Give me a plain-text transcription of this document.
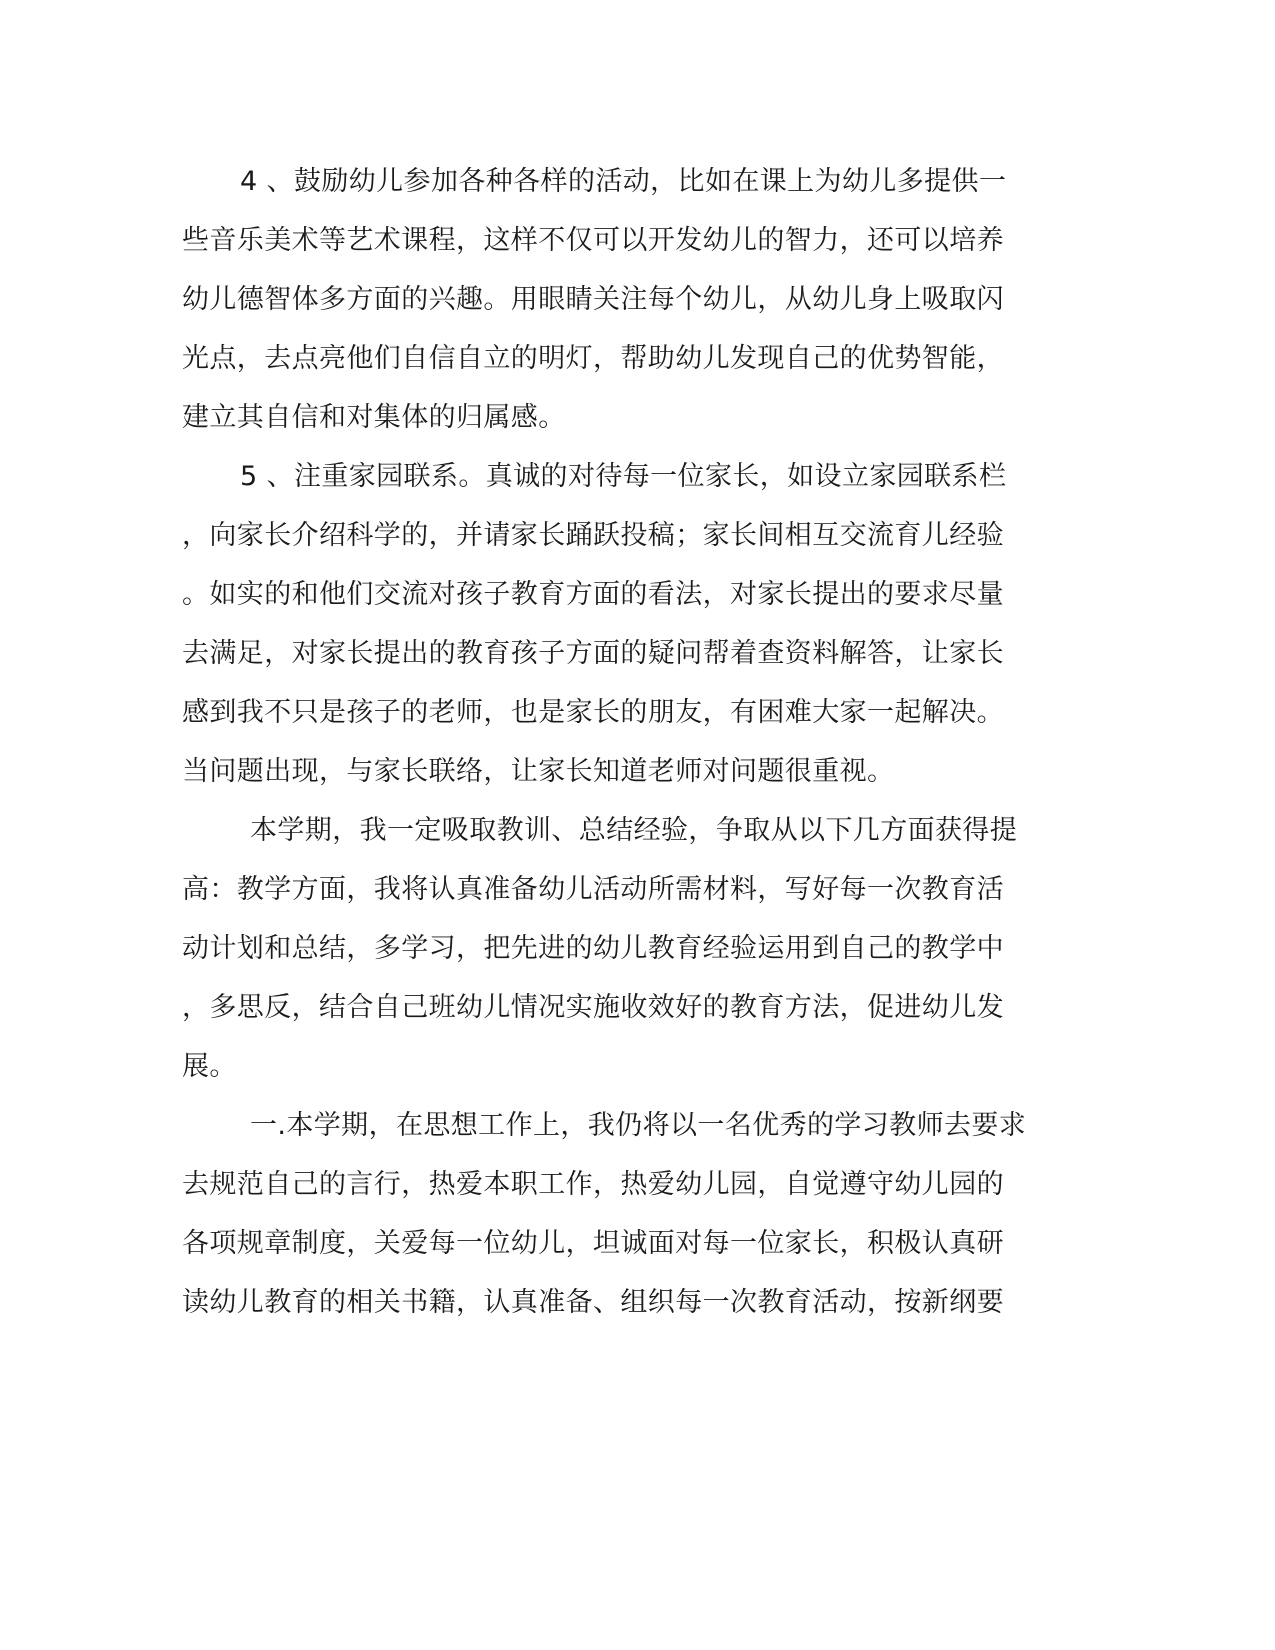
4 、鼓励幼儿参加各种各样的活动，比如在课上为幼儿多提供一

些音乐美术等艺术课程，这样不仅可以开发幼儿的智力，还可以培养

幼儿德智体多方面的兴趣。用眼睛关注每个幼儿，从幼儿身上吸取闪

光点，去点亮他们自信自立的明灯，帮助幼儿发现自己的优势智能，

建立其自信和对集体的归属感。

5 、注重家园联系。真诚的对待每一位家长，如设立家园联系栏

，向家长介绍科学的，并请家长踊跃投稿；家长间相互交流育儿经验

。如实的和他们交流对孩子教育方面的看法，对家长提出的要求尽量

去满足，对家长提出的教育孩子方面的疑问帮着查资料解答，让家长

感到我不只是孩子的老师，也是家长的朋友，有困难大家一起解决。

当问题出现，与家长联络，让家长知道老师对问题很重视。

本学期，我一定吸取教训、总结经验，争取从以下几方面获得提

高：教学方面，我将认真准备幼儿活动所需材料，写好每一次教育活

动计划和总结，多学习，把先进的幼儿教育经验运用到自己的教学中

，多思反，结合自己班幼儿情况实施收效好的教育方法，促进幼儿发

展。

一.本学期，在思想工作上，我仍将以一名优秀的学习教师去要求

去规范自己的言行，热爱本职工作，热爱幼儿园，自觉遵守幼儿园的

各项规章制度，关爱每一位幼儿，坦诚面对每一位家长，积极认真研

读幼儿教育的相关书籍，认真准备、组织每一次教育活动，按新纲要
